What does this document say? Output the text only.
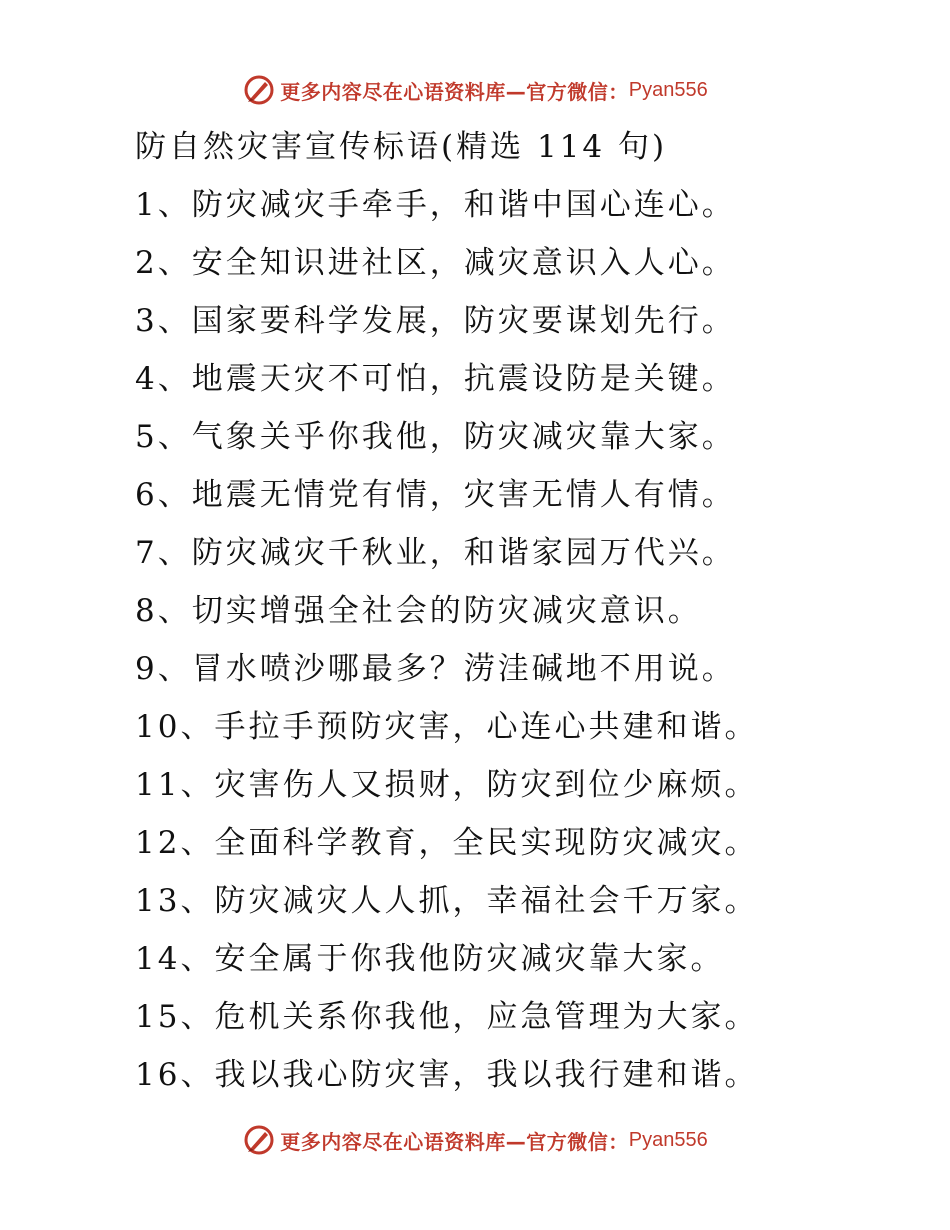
更多内容尽在心语资料库—官方微信： Pyan556
防自然灾害宣传标语(精选 114 句)
1、防灾减灾手牵手，和谐中国心连心。
2、安全知识进社区，减灾意识入人心。
3、国家要科学发展，防灾要谋划先行。
4、地震天灾不可怕，抗震设防是关键。
5、气象关乎你我他，防灾减灾靠大家。
6、地震无情党有情，灾害无情人有情。
7、防灾减灾千秋业，和谐家园万代兴。
8、切实增强全社会的防灾减灾意识。
9、冒水喷沙哪最多？涝洼碱地不用说。
10、手拉手预防灾害，心连心共建和谐。
11、灾害伤人又损财，防灾到位少麻烦。
12、全面科学教育，全民实现防灾减灾。
13、防灾减灾人人抓，幸福社会千万家。
14、安全属于你我他防灾减灾靠大家。
15、危机关系你我他，应急管理为大家。
16、我以我心防灾害，我以我行建和谐。
更多内容尽在心语资料库—官方微信： Pyan556
